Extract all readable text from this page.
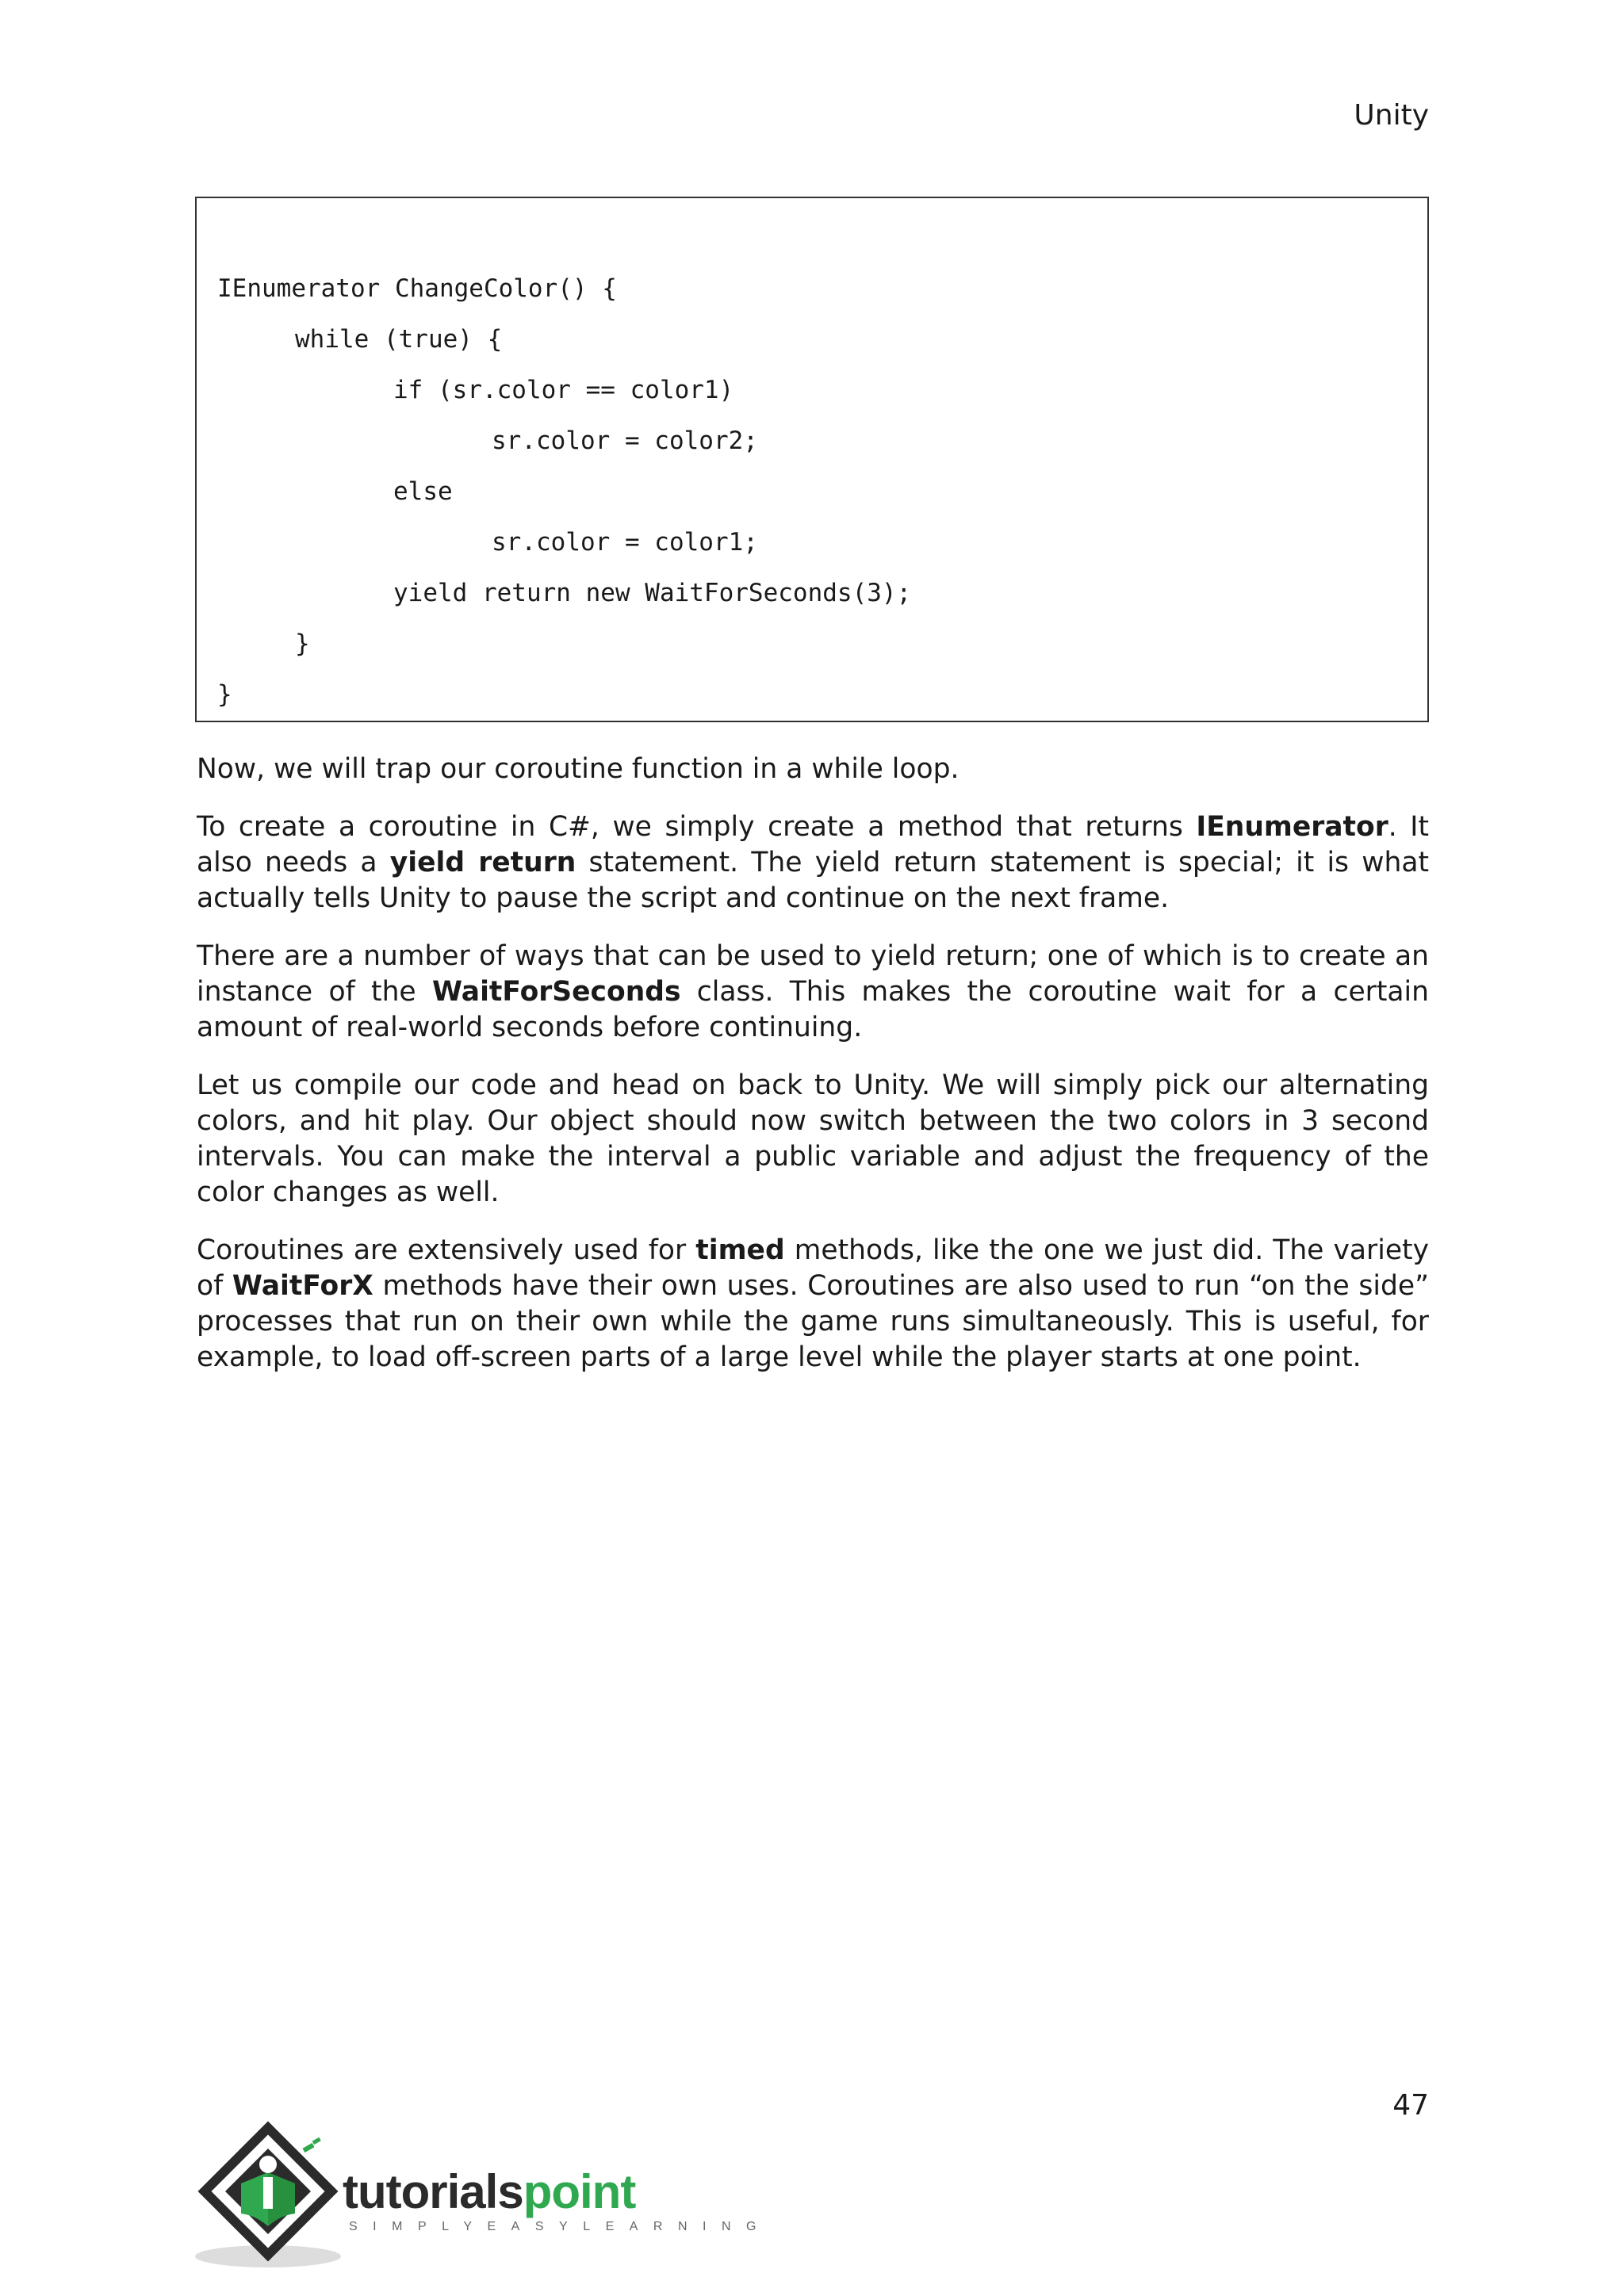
Unity
IEnumerator ChangeColor() {
while (true) {
if (sr.color == color1)
sr.color = color2;
else
sr.color = color1;
yield return new WaitForSeconds(3);
}
}

Now, we will trap our coroutine function in a while loop.

To create a coroutine in C#, we simply create a method that returns IEnumerator. It also needs a yield return statement. The yield return statement is special; it is what actually tells Unity to pause the script and continue on the next frame.

There are a number of ways that can be used to yield return; one of which is to create an instance of the WaitForSeconds class. This makes the coroutine wait for a certain amount of real-world seconds before continuing.

Let us compile our code and head on back to Unity. We will simply pick our alternating colors, and hit play. Our object should now switch between the two colors in 3 second intervals. You can make the interval a public variable and adjust the frequency of the color changes as well.

Coroutines are extensively used for timed methods, like the one we just did. The variety of WaitForX methods have their own uses. Coroutines are also used to run “on the side” processes that run on their own while the game runs simultaneously. This is useful, for example, to load off-screen parts of a large level while the player starts at one point.

47
tutorialspoint
SIMPLYEASYLEARNING
